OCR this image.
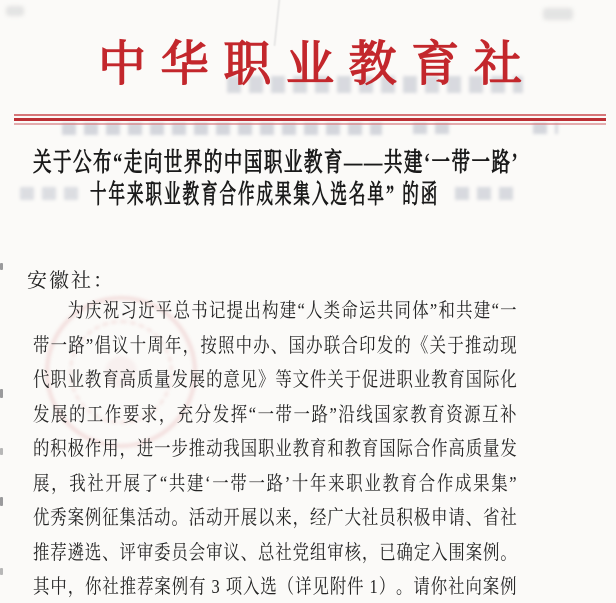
中 华 职 业 教 育 社
关 于 公 布 “ 走 向 世 界 的 中 国 职 业 教 育 — — 共 建 ‘ 一 带 一 路 ’
十 年 来 职 业 教 育 合 作 成 果 集 入 选 名 单 ”
的 函
安徽社：
为 庆 祝 习 近 平 总 书 记 提 出 构 建 “ 人 类 命 运 共 同 体 ” 和 共 建 “ 一
带 一 路 ” 倡 议 十 周 年 ， 按 照 中 办 、 国 办 联 合 印 发 的 《 关 于 推 动 现
代 职 业 教 育 高 质 量 发 展 的 意 见 》 等 文 件 关 于 促 进 职 业 教 育 国 际 化
发 展 的 工 作 要 求 ， 充 分 发 挥 “ 一 带 一 路 ” 沿 线 国 家 教 育 资 源 互 补
的 积 极 作 用 ， 进 一 步 推 动 我 国 职 业 教 育 和 教 育 国 际 合 作 高 质 量 发
展 ， 我 社 开 展 了 “ 共 建 ‘ 一 带 一 路 ’ 十 年 来 职 业 教 育 合 作 成 果 集 ”
优 秀 案 例 征 集 活 动 。 活 动 开 展 以 来 ， 经 广 大 社 员 积 极 申 请 、 省 社
推 荐 遴 选 、 评 审 委 员 会 审 议 、 总 社 党 组 审 核 ， 已 确 定 入 围 案 例 。
其 中 ， 你 社 推 荐 案 例 有
3
项 入 选 （ 详 见 附 件
1 ） 。 请 你 社 向 案 例
